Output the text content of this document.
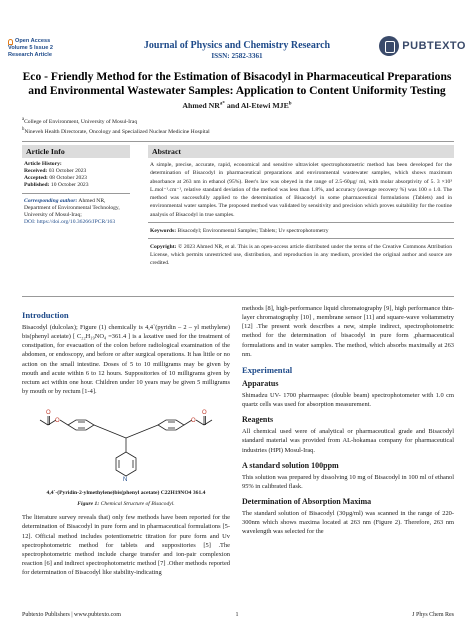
Open Access
Volume 5 Issue 2
Research Article
Journal of Physics and Chemistry Research
ISSN: 2582-3361
PUBTEXTO
Eco - Friendly Method for the Estimation of Bisacodyl in Pharmaceutical Preparations
and Environmental Wastewater Samples: Application to Content Uniformity Testing
Ahmed $NR^{a*}$ and Al-Etewi MJE$^b$
$^a$College of Environment, University of Mosul-Iraq
$^b$Nineveh Health Directorate, Oncology and Specialized Nuclear Medicine Hospital
Article Info
Article History:
Received: 03 October 2023
Accepted: 08 October 2023
Published: 10 October 2023
Corresponding author: Ahmed NR, Department of Environmental Technology, University of Mosul-Iraq;
DOI: https://doi.org/10.36266/JPCR/163
Abstract
A simple, precise, accurate, rapid, economical and sensitive ultraviolet spectrophotometric method has been developed for the determination of Bisacodyl in pharmaceutical preparations and environmental wastewater samples, which shows maximum absorbance at 263 nm in ethanol (95%). Beer's law was obeyed in the range of 2.5-60µg/ ml, with molar absorptivity of 5. 3 ×10³ L.mol⁻¹.cm⁻¹, relative standard deviation of the method was less than 1.8%, and accuracy (average recovery %) was 100 ± 1.0. The method was successfully applied to the determination of Bisacodyl in some pharmaceutical formulations (Tablets) and in environmental water samples. The proposed method was validated by sensitivity and precision which proves suitability for the routine analysis of Bisacodyl in true samples.
Keywords: Bisacodyl; Environmental Samples; Tablets; Uv spectrophotometry
Copyright: © 2023 Ahmed NR, et al. This is an open-access article distributed under the terms of the Creative Commons Attribution License, which permits unrestricted use, distribution, and reproduction in any medium, provided the original author and source are credited.
Introduction
Bisacodyl (dulcolax); Figure (1) chemically is 4,4`(pyridin – 2 – yl methylene) bis(phenyl acetate) [ C₂₂H₁₉NO₄ =361.4 ] is a laxative used for the treatment of constipation, for evacuation of the colon before radiological examination of the abdomen, or endoscopy, and before or after surgical operations. It has little or no action on the small intestine. Doses of 5 to 10 milligrams may be given by mouth and acute within 6 to 12 hours. Suppositories of 10 milligrams given by rectum act within one hour. Children under 10 years may be given 5 milligrams by mouth or by rectum [1-4].
O
O
O
O
N
4,4`-(Pyridin-2-ylmethylene)bis(phenyl acetate) C22H19NO4 361.4
Figure 1: Chemical Structure of Bisacodyl.
The literature survey reveals that) only few methods have been reported for the determination of Bisacodyl in pure form and in pharmaceutical formulations [5-12]. Official method includes potentiometric titration for pure form and Uv spectrophotometric method for tablets and suppositories [5] .The spectrophotometric method include charge transfer and ion-pair complexion reaction [6] and indirect spectrophotometric method [7] .Other methods reported for determination of Bisacodyl like stability-indicating
methods [8], high-performance liquid chromatography [9], high performance thin-layer chromatography [10] , membrane sensor [11] and square-wave voltammetry [12] .The present work describes a new, simple indirect, spectrophotometric method for the determination of bisacodyl in pure form ,pharmaceutical formulations and in water samples. The method, which absorbs maximally at 263 nm.
Experimental
Apparatus
Shimadzu UV- 1700 pharmaspec (double beam) spectrophotometer with 1.0 cm quartz cells was used for absorption measurement.
Reagents
All chemical used were of analytical or pharmaceutical grade and Bisacodyl standard material was provided from AL-hokamaa company for pharmaceutical industries (HPI) Mosul-Iraq.
A standard solution 100ppm
This solution was prepared by dissolving 10 mg of Bisacodyl in 100 ml of ethanol 95% in calibrated flask.
Determination of Absorption Maxima
The standard solution of Bisacodyl (30µg/ml) was scanned in the range of 220-300nm which shows maxima located at 263 nm (Figure 2). Therefore, 263 nm wavelength was selected for the
Pubtexto Publishers | www.pubtexto.com	J Phys Chem Res
1
